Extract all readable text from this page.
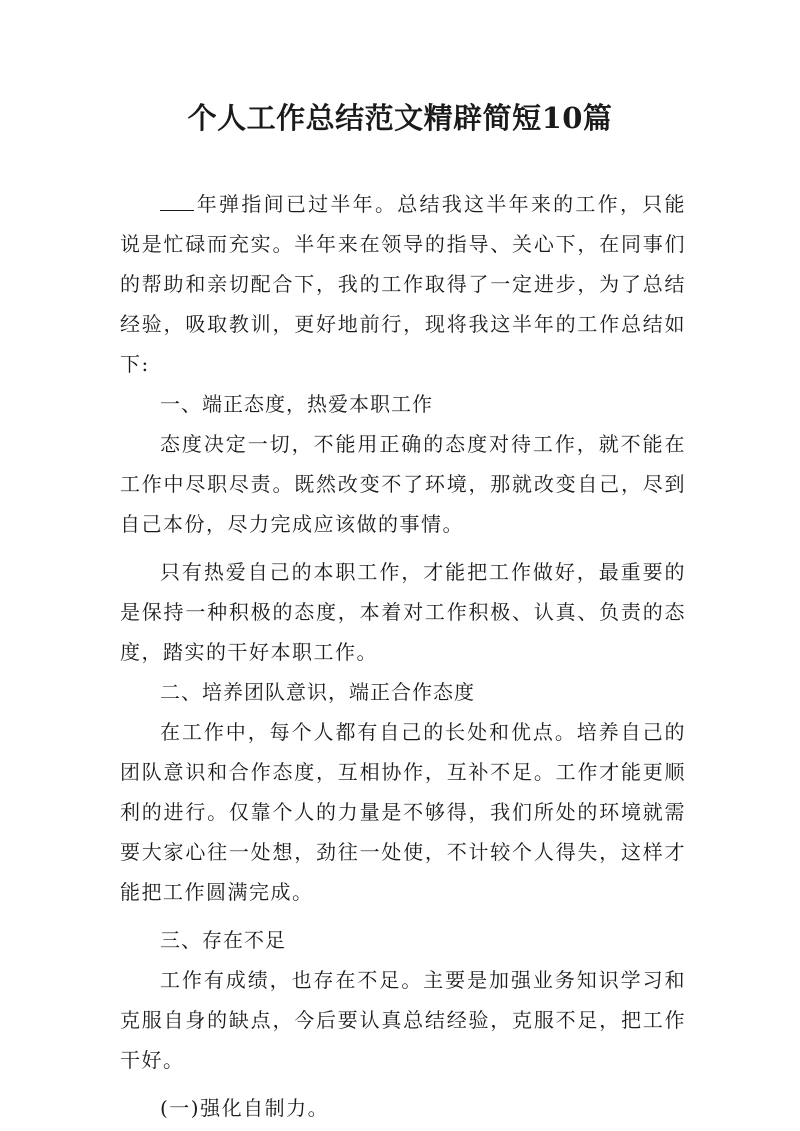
个人工作总结范文精辟简短10篇

年弹指间已过半年。总结我这半年来的工作，只能说是忙碌而充实。半年来在领导的指导、关心下，在同事们的帮助和亲切配合下，我的工作取得了一定进步，为了总结经验，吸取教训，更好地前行，现将我这半年的工作总结如下:

一、端正态度，热爱本职工作

态度决定一切，不能用正确的态度对待工作，就不能在工作中尽职尽责。既然改变不了环境，那就改变自己，尽到自己本份，尽力完成应该做的事情。

只有热爱自己的本职工作，才能把工作做好，最重要的是保持一种积极的态度，本着对工作积极、认真、负责的态度，踏实的干好本职工作。

二、培养团队意识，端正合作态度

在工作中，每个人都有自己的长处和优点。培养自己的团队意识和合作态度，互相协作，互补不足。工作才能更顺利的进行。仅靠个人的力量是不够得，我们所处的环境就需要大家心往一处想，劲往一处使，不计较个人得失，这样才能把工作圆满完成。

三、存在不足

工作有成绩，也存在不足。主要是加强业务知识学习和克服自身的缺点，今后要认真总结经验，克服不足，把工作干好。

(一)强化自制力。
